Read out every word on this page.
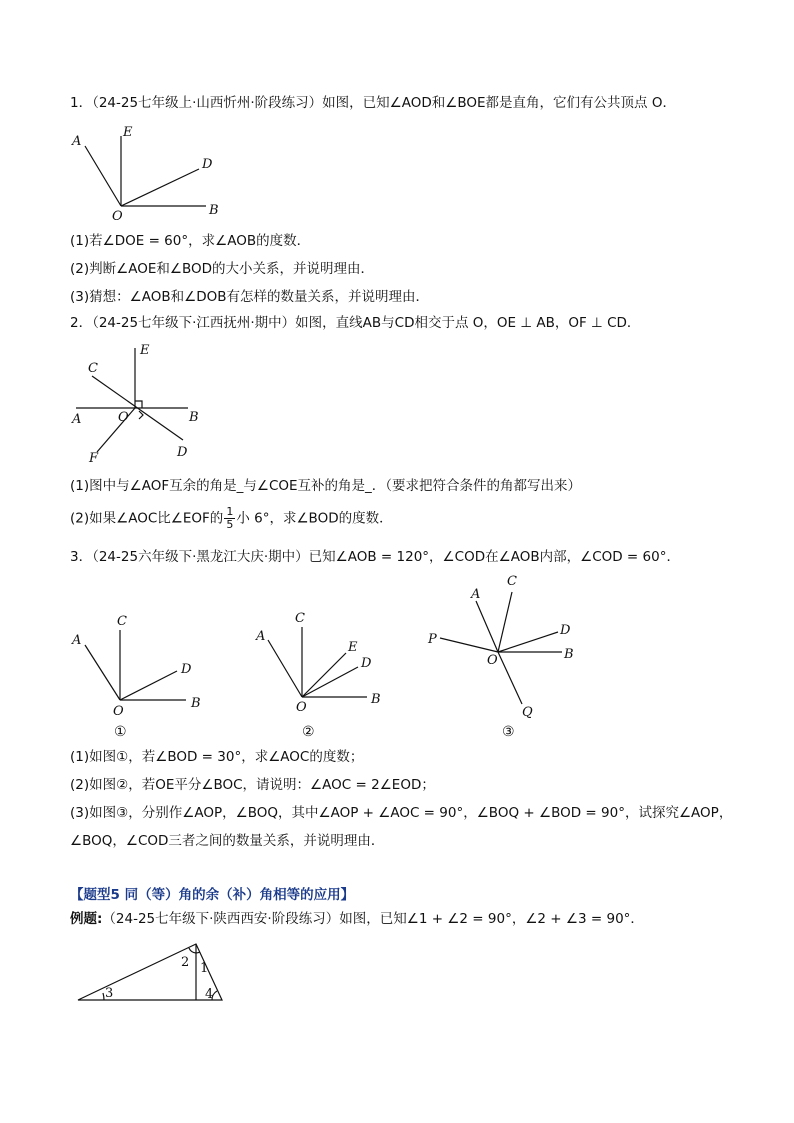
1．（24-25七年级上·山西忻州·阶段练习）如图，已知∠AOD和∠BOE都是直角，它们有公共顶点 O．
A
E
D
O	B
(1)若∠DOE = 60°，求∠AOB的度数．
(2)判断∠AOE和∠BOD的大小关系，并说明理由．
(3)猜想：∠AOB和∠DOB有怎样的数量关系，并说明理由．
2．（24-25七年级下·江西抚州·期中）如图，直线AB与CD相交于点 O，OE ⊥ AB，OF ⊥ CD．
C
E
A	O	B
D
F
(1)图中与∠AOF互余的角是_与∠COE互补的角是_．（要求把符合条件的角都写出来）
(2)如果∠AOC比∠EOF的 $\frac{1}{5}$ 小 6°，求∠BOD的度数．
3．（24-25六年级下·黑龙江大庆·期中）已知∠AOB = 120°，∠COD在∠AOB内部，∠COD = 60°．
A
C
D
O
B
①
A
C
E
D
O
B
②
A
C
P
D
O	B
Q
③
(1)如图①，若∠BOD = 30°，求∠AOC的度数；
(2)如图②，若OE平分∠BOC，请说明：∠AOC = 2∠EOD；
(3)如图③，分别作∠AOP，∠BOQ，其中∠AOP + ∠AOC = 90°，∠BOQ + ∠BOD = 90°，试探究∠AOP，
∠BOQ，∠COD三者之间的数量关系，并说明理由．
【题型5 同（等）角的余（补）角相等的应用】
例题:（24-25七年级下·陕西西安·阶段练习）如图，已知∠1 + ∠2 = 90°，∠2 + ∠3 = 90°．
2 1
3	4
